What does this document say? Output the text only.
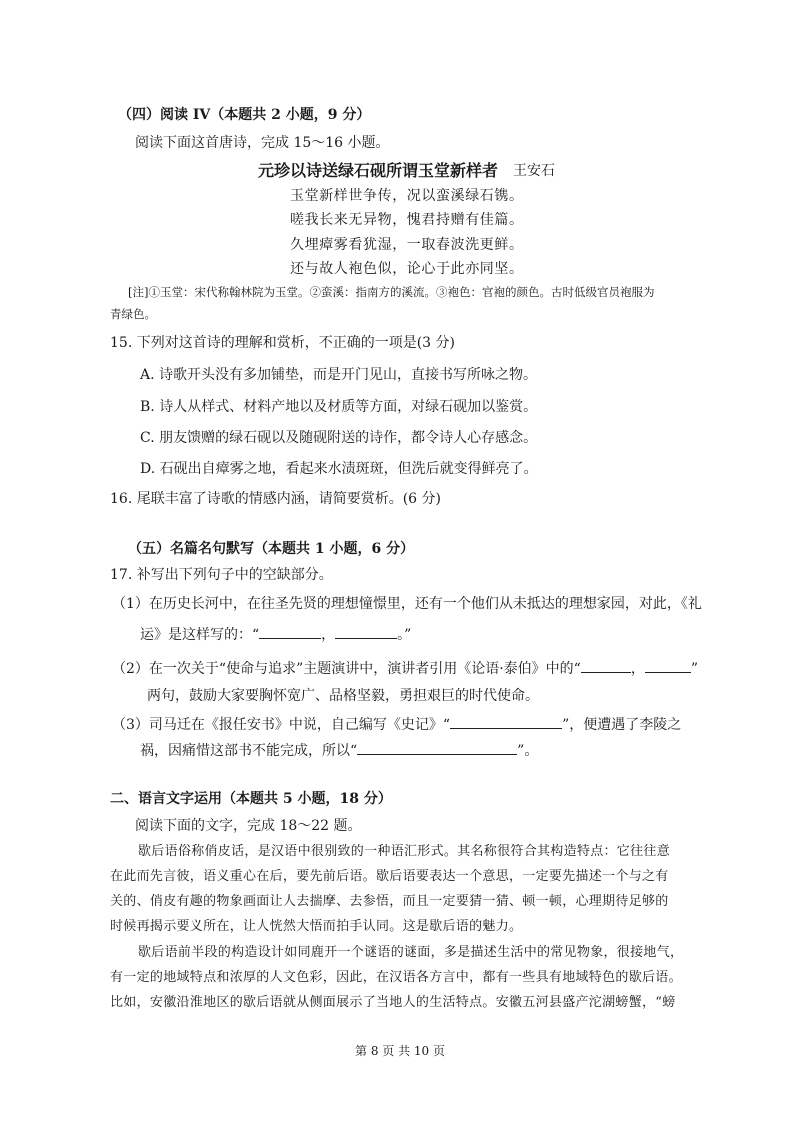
（四）阅读 IV（本题共 2 小题，9 分）
阅读下面这首唐诗，完成 15～16 小题。
元珍以诗送绿石砚所谓玉堂新样者 王安石
玉堂新样世争传，况以蛮溪绿石镌。
嗟我长来无异物，愧君持赠有佳篇。
久埋瘴雾看犹湿，一取春波洗更鲜。
还与故人袍色似，论心于此亦同坚。
[注]①玉堂：宋代称翰林院为玉堂。②蛮溪：指南方的溪流。③袍色：官袍的颜色。古时低级官员袍服为
青绿色。
15. 下列对这首诗的理解和赏析，不正确的一项是(3 分)
A. 诗歌开头没有多加铺垫，而是开门见山，直接书写所咏之物。
B. 诗人从样式、材料产地以及材质等方面，对绿石砚加以鉴赏。
C. 朋友馈赠的绿石砚以及随砚附送的诗作，都令诗人心存感念。
D. 石砚出自瘴雾之地，看起来水渍斑斑，但洗后就变得鲜亮了。
16. 尾联丰富了诗歌的情感内涵，请简要赏析。(6 分)
（五）名篇名句默写（本题共 1 小题，6 分）
17. 补写出下列句子中的空缺部分。
（1）在历史长河中，在往圣先贤的理想憧憬里，还有一个他们从未抵达的理想家园，对此，《礼
运》是这样写的：“	，	。”
（2）在一次关于“使命与追求”主题演讲中，演讲者引用《论语·泰伯》中的“	，	”
两句，鼓励大家要胸怀宽广、品格坚毅，勇担艰巨的时代使命。
（3）司马迁在《报任安书》中说，自己编写《史记》“	”，便遭遇了李陵之
祸，因痛惜这部书不能完成，所以“	”。
二、语言文字运用（本题共 5 小题，18 分）
阅读下面的文字，完成 18～22 题。
歇后语俗称俏皮话，是汉语中很别致的一种语汇形式。其名称很符合其构造特点：它往往意
在此而先言彼，语义重心在后，要先前后语。歇后语要表达一个意思，一定要先描述一个与之有
关的、俏皮有趣的物象画面让人去揣摩、去参悟，而且一定要猜一猜、顿一顿，心理期待足够的
时候再揭示要义所在，让人恍然大悟而拍手认同。这是歇后语的魅力。
歇后语前半段的构造设计如同鹿开一个谜语的谜面，多是描述生活中的常见物象，很接地气，
有一定的地域特点和浓厚的人文色彩，因此，在汉语各方言中，都有一些具有地域特色的歇后语。
比如，安徽沿淮地区的歇后语就从侧面展示了当地人的生活特点。安徽五河县盛产沱湖螃蟹，“螃
第 8 页 共 10 页
